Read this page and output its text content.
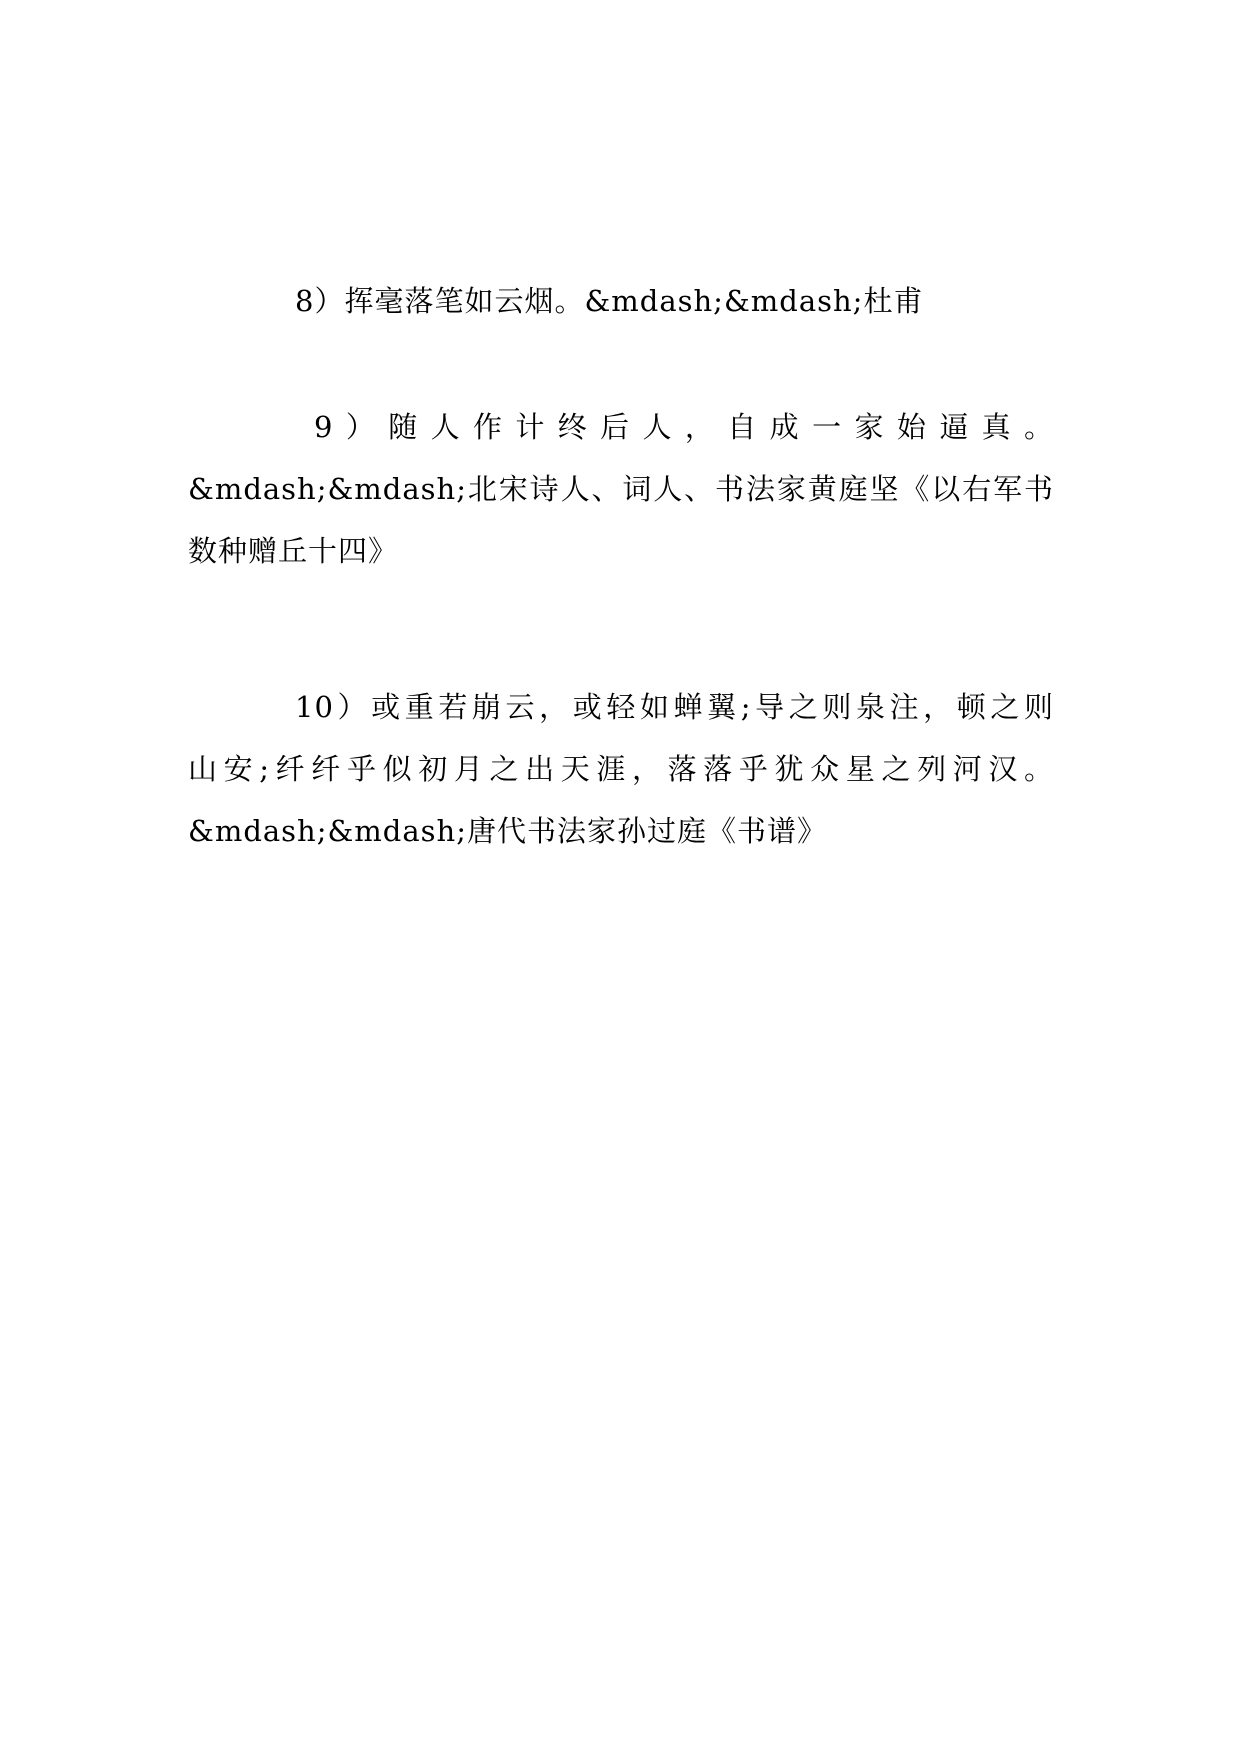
8）挥毫落笔如云烟。&mdash;&mdash;杜甫
9）随人作计终后人，自成一家始逼真。
&mdash;&mdash;北宋诗人、词人、书法家黄庭坚《以右军书
数种赠丘十四》
10）或重若崩云，或轻如蝉翼;导之则泉注，顿之则
山安;纤纤乎似初月之出天涯，落落乎犹众星之列河汉。
&mdash;&mdash;唐代书法家孙过庭《书谱》
